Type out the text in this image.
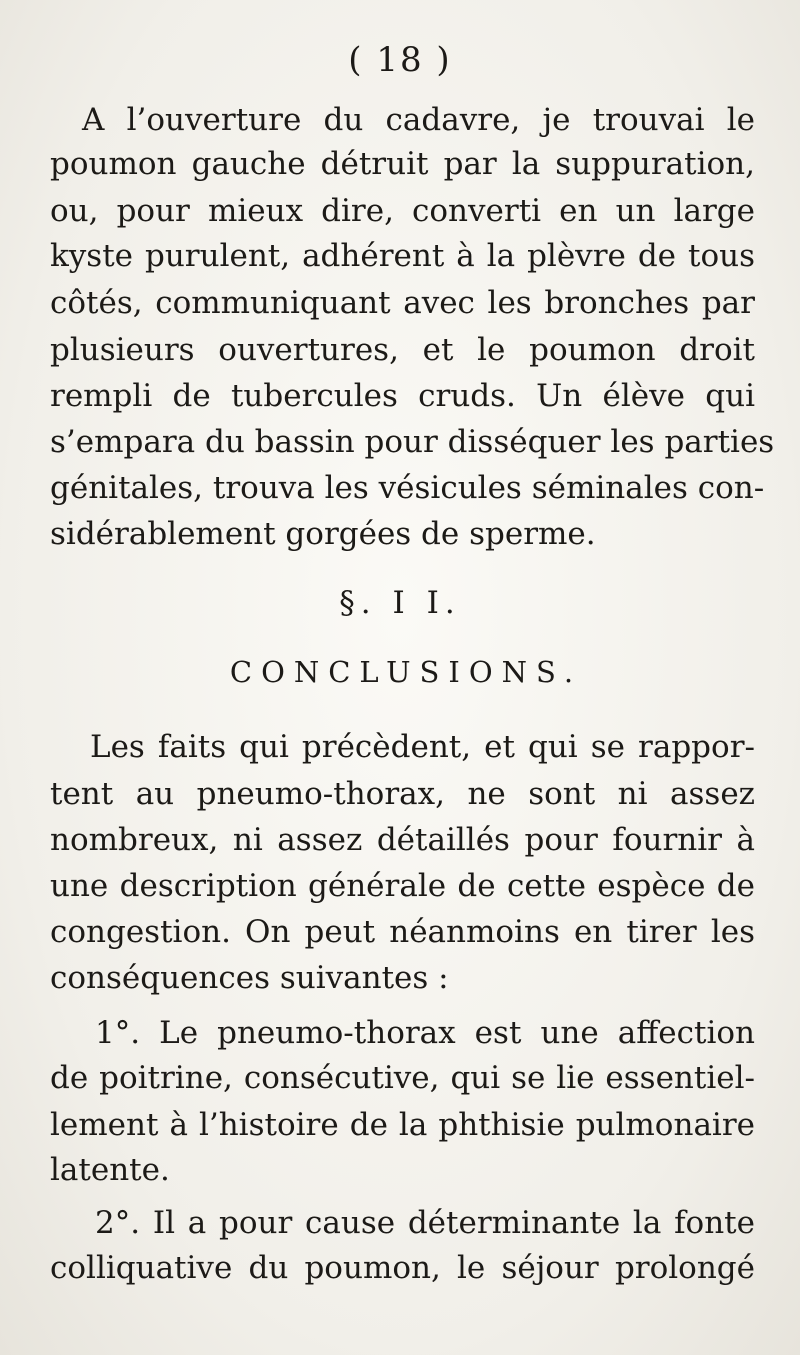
( 18 )
A l’ouverture du cadavre, je trouvai le
poumon gauche détruit par la suppuration,
ou, pour mieux dire, converti en un large
kyste purulent, adhérent à la plèvre de tous
côtés, communiquant avec les bronches par
plusieurs ouvertures, et le poumon droit
rempli de tubercules cruds. Un élève qui
s’empara du bassin pour disséquer les parties
génitales, trouva les vésicules séminales con-
sidérablement gorgées de sperme.
§. I I.
CONCLUSIONS.
Les faits qui précèdent, et qui se rappor-
tent au pneumo-thorax, ne sont ni assez
nombreux, ni assez détaillés pour fournir à
une description générale de cette espèce de
congestion. On peut néanmoins en tirer les
conséquences suivantes :
1°. Le pneumo-thorax est une affection
de poitrine, consécutive, qui se lie essentiel-
lement à l’histoire de la phthisie pulmonaire
latente.
2°. Il a pour cause déterminante la fonte
colliquative du poumon, le séjour prolongé
